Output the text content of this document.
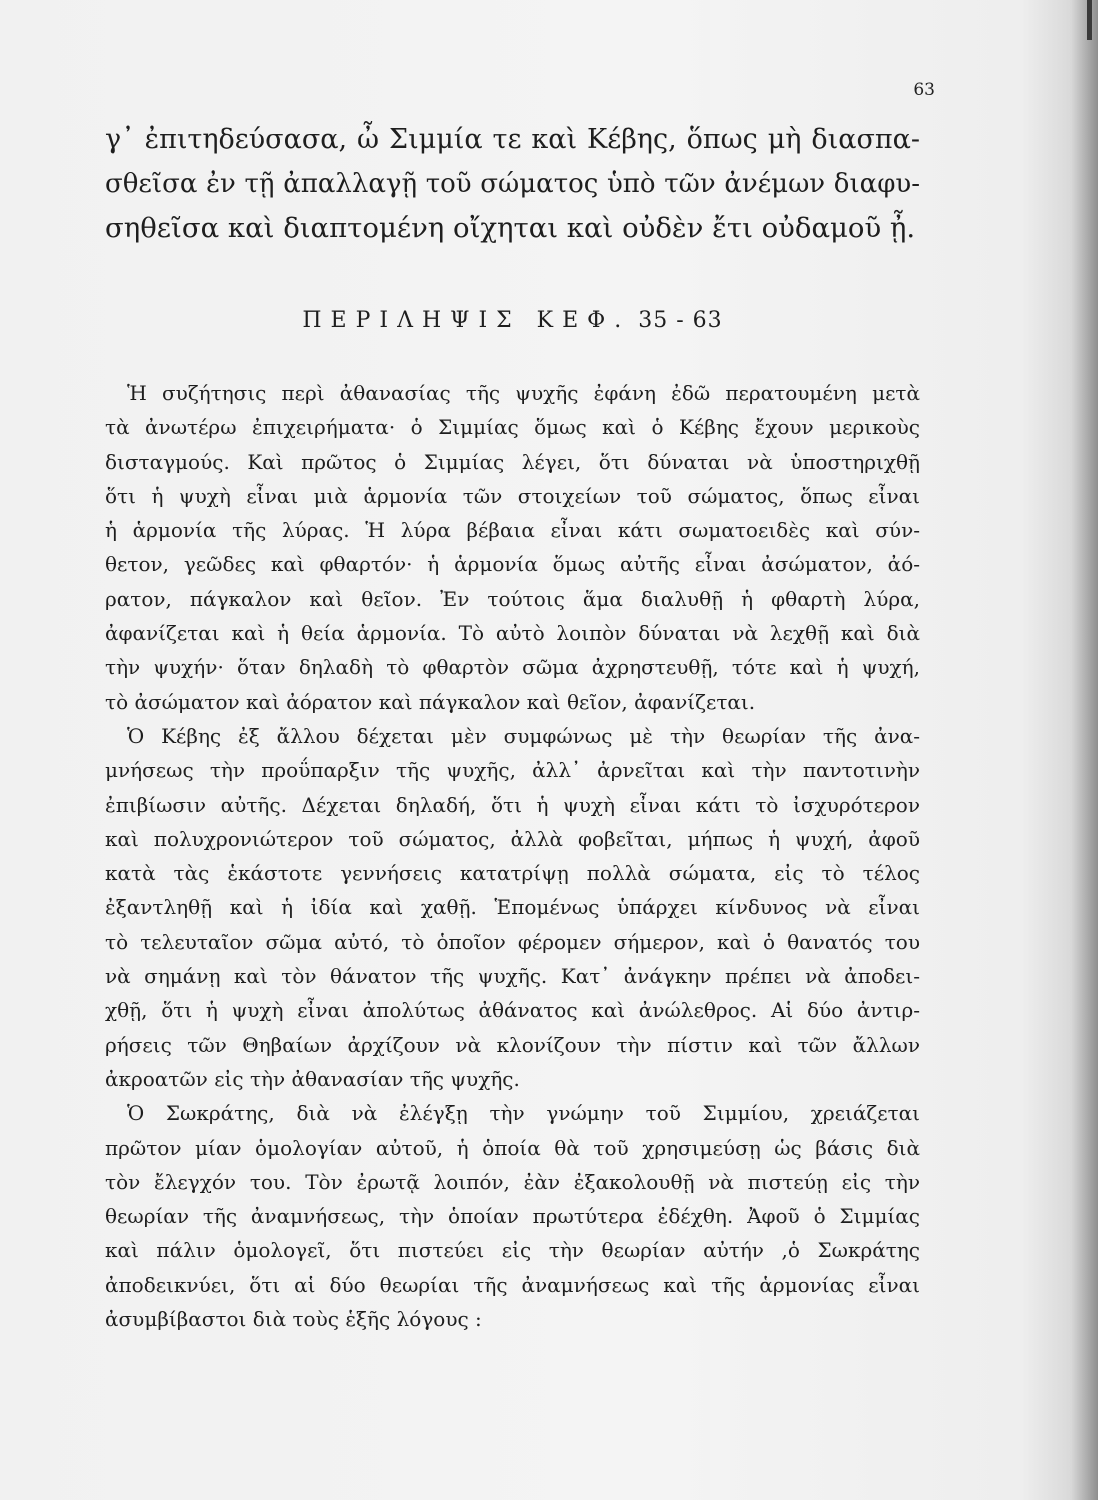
63
γ᾽ ἐπιτηδεύσασα, ὦ Σιμμία τε καὶ Κέβης, ὅπως μὴ διασπα-
σθεῖσα ἐν τῇ ἀπαλλαγῇ τοῦ σώματος ὑπὸ τῶν ἀνέμων διαφυ-
σηθεῖσα καὶ διαπτομένη οἴχηται καὶ οὐδὲν ἔτι οὐδαμοῦ ᾖ.
ΠΕΡΙΛΗΨΙΣ ΚΕΦ. 35 - 63
Ἡ συζήτησις περὶ ἀθανασίας τῆς ψυχῆς ἐφάνη ἐδῶ περατουμένη μετὰ
τὰ ἀνωτέρω ἐπιχειρήματα· ὁ Σιμμίας ὅμως καὶ ὁ Κέβης ἔχουν μερικοὺς
δισταγμούς. Καὶ πρῶτος ὁ Σιμμίας λέγει, ὅτι δύναται νὰ ὑποστηριχθῇ
ὅτι ἡ ψυχὴ εἶναι μιὰ ἁρμονία τῶν στοιχείων τοῦ σώματος, ὅπως εἶναι
ἡ ἁρμονία τῆς λύρας. Ἡ λύρα βέβαια εἶναι κάτι σωματοειδὲς καὶ σύν-
θετον, γεῶδες καὶ φθαρτόν· ἡ ἁρμονία ὅμως αὐτῆς εἶναι ἀσώματον, ἀό-
ρατον, πάγκαλον καὶ θεῖον. Ἐν τούτοις ἅμα διαλυθῇ ἡ φθαρτὴ λύρα,
ἀφανίζεται καὶ ἡ θεία ἁρμονία. Τὸ αὐτὸ λοιπὸν δύναται νὰ λεχθῇ καὶ διὰ
τὴν ψυχήν· ὅταν δηλαδὴ τὸ φθαρτὸν σῶμα ἀχρηστευθῇ, τότε καὶ ἡ ψυχή,
τὸ ἀσώματον καὶ ἀόρατον καὶ πάγκαλον καὶ θεῖον, ἀφανίζεται.
Ὁ Κέβης ἐξ ἄλλου δέχεται μὲν συμφώνως μὲ τὴν θεωρίαν τῆς ἀνα-
μνήσεως τὴν προΰπαρξιν τῆς ψυχῆς, ἀλλ᾽ ἀρνεῖται καὶ τὴν παντοτινὴν
ἐπιβίωσιν αὐτῆς. Δέχεται δηλαδή, ὅτι ἡ ψυχὴ εἶναι κάτι τὸ ἰσχυρότερον
καὶ πολυχρονιώτερον τοῦ σώματος, ἀλλὰ φοβεῖται, μήπως ἡ ψυχή, ἀφοῦ
κατὰ τὰς ἑκάστοτε γεννήσεις κατατρίψῃ πολλὰ σώματα, εἰς τὸ τέλος
ἐξαντληθῇ καὶ ἡ ἰδία καὶ χαθῇ. Ἑπομένως ὑπάρχει κίνδυνος νὰ εἶναι
τὸ τελευταῖον σῶμα αὐτό, τὸ ὁποῖον φέρομεν σήμερον, καὶ ὁ θανατός του
νὰ σημάνῃ καὶ τὸν θάνατον τῆς ψυχῆς. Κατ᾽ ἀνάγκην πρέπει νὰ ἀποδει-
χθῇ, ὅτι ἡ ψυχὴ εἶναι ἀπολύτως ἀθάνατος καὶ ἀνώλεθρος. Αἱ δύο ἀντιρ-
ρήσεις τῶν Θηβαίων ἀρχίζουν νὰ κλονίζουν τὴν πίστιν καὶ τῶν ἄλλων
ἀκροατῶν εἰς τὴν ἀθανασίαν τῆς ψυχῆς.
Ὁ Σωκράτης, διὰ νὰ ἐλέγξῃ τὴν γνώμην τοῦ Σιμμίου, χρειάζεται
πρῶτον μίαν ὁμολογίαν αὐτοῦ, ἡ ὁποία θὰ τοῦ χρησιμεύσῃ ὡς βάσις διὰ
τὸν ἔλεγχόν του. Τὸν ἐρωτᾷ λοιπόν, ἐὰν ἐξακολουθῇ νὰ πιστεύῃ εἰς τὴν
θεωρίαν τῆς ἀναμνήσεως, τὴν ὁποίαν πρωτύτερα ἐδέχθη. Ἀφοῦ ὁ Σιμμίας
καὶ πάλιν ὁμολογεῖ, ὅτι πιστεύει εἰς τὴν θεωρίαν αὐτήν ,ὁ Σωκράτης
ἀποδεικνύει, ὅτι αἱ δύο θεωρίαι τῆς ἀναμνήσεως καὶ τῆς ἁρμονίας εἶναι
ἀσυμβίβαστοι διὰ τοὺς ἑξῆς λόγους :
